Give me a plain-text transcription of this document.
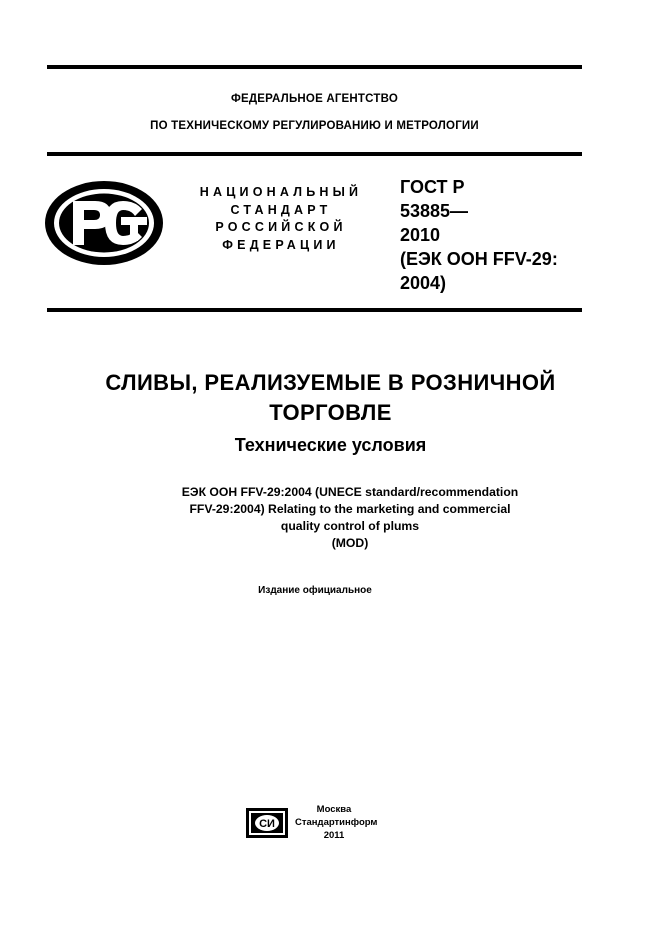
ФЕДЕРАЛЬНОЕ АГЕНТСТВО
ПО ТЕХНИЧЕСКОМУ РЕГУЛИРОВАНИЮ И МЕТРОЛОГИИ
НАЦИОНАЛЬНЫЙ
СТАНДАРТ
РОССИЙСКОЙ
ФЕДЕРАЦИИ
ГОСТ Р
53885—
2010
(ЕЭК ООН FFV-29:
2004)
СЛИВЫ, РЕАЛИЗУЕМЫЕ В РОЗНИЧНОЙ
ТОРГОВЛЕ
Технические условия
ЕЭК ООН FFV-29:2004 (UNECE standard/recommendation
FFV-29:2004) Relating to the marketing and commercial
quality control of plums
(MOD)
Издание официальное
СИ
Москва
Стандартинформ
2011
